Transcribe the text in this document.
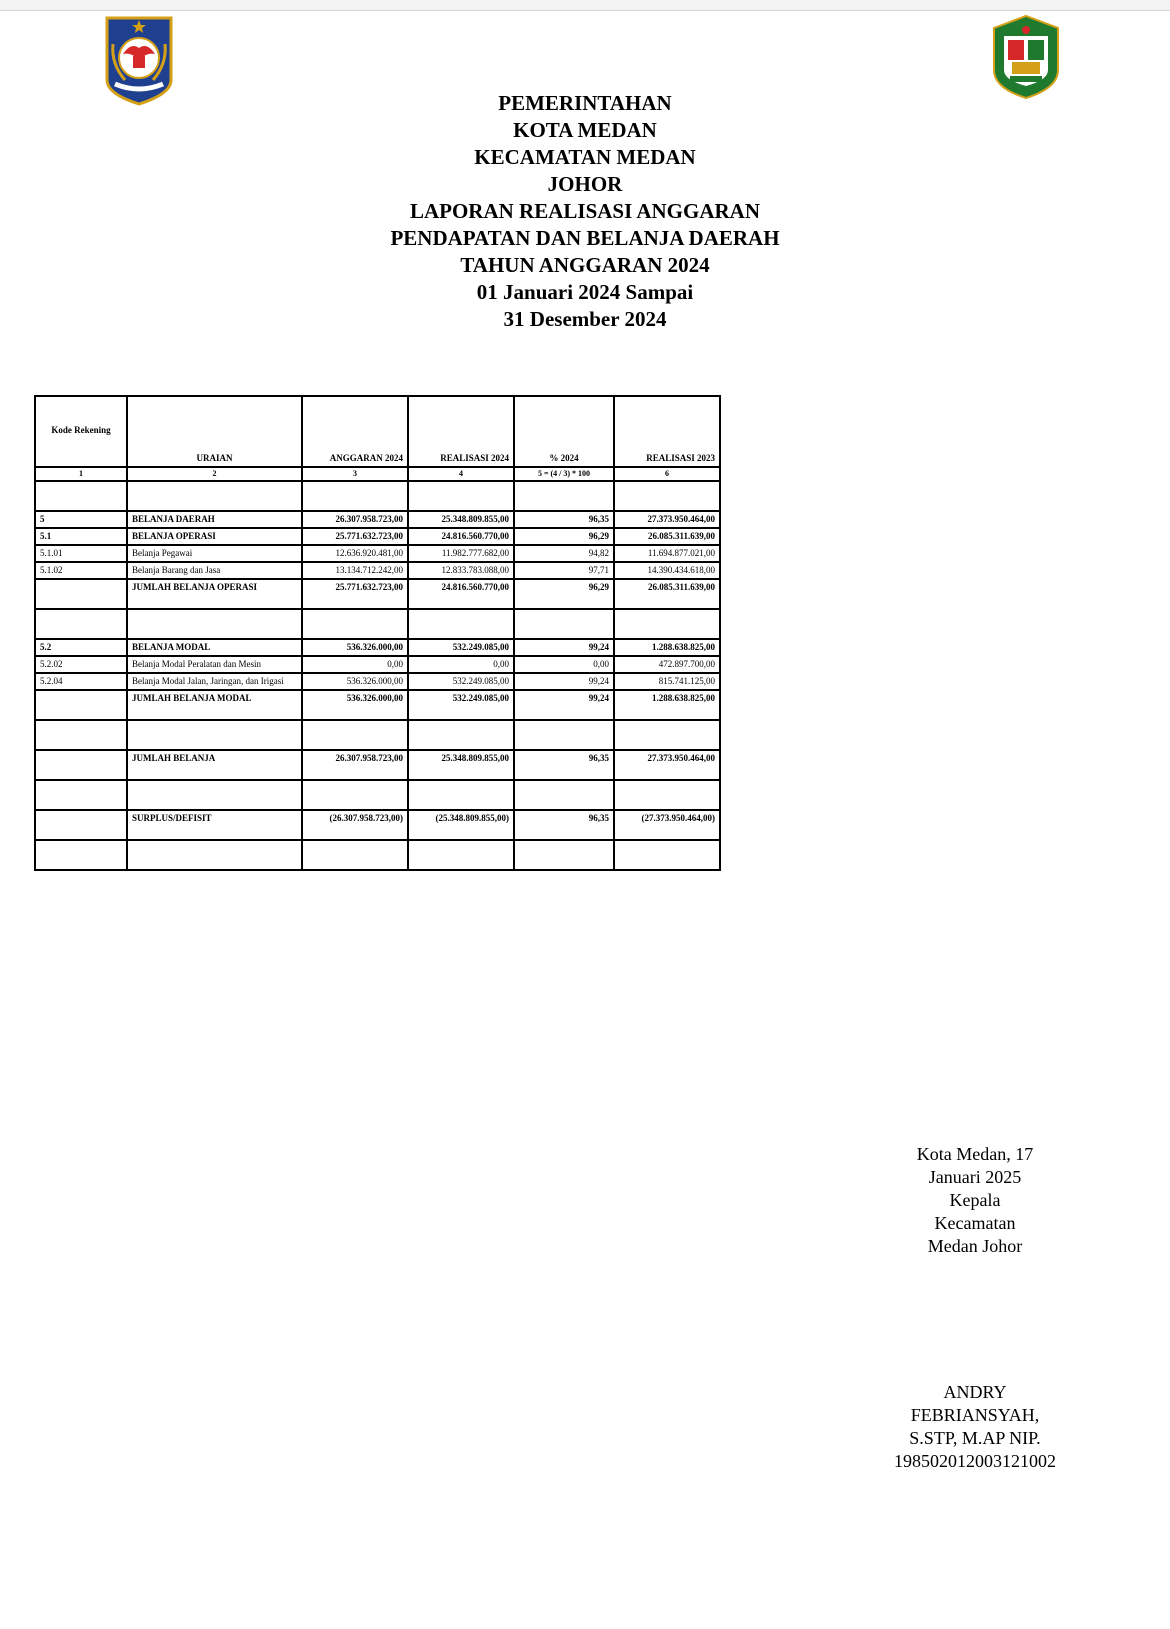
PEMERINTAHAN
KOTA MEDAN
KECAMATAN MEDAN
JOHOR
LAPORAN REALISASI ANGGARAN
PENDAPATAN DAN BELANJA DAERAH
TAHUN ANGGARAN 2024
01 Januari 2024 Sampai
31 Desember 2024
Kode Rekening	URAIAN	ANGGARAN 2024	REALISASI 2024	% 2024	REALISASI 2023
1	2	3	4	5 = (4 / 3) * 100	6

5	BELANJA DAERAH	26.307.958.723,00	25.348.809.855,00	96,35	27.373.950.464,00
5.1	BELANJA OPERASI	25.771.632.723,00	24.816.560.770,00	96,29	26.085.311.639,00
5.1.01	Belanja Pegawai	12.636.920.481,00	11.982.777.682,00	94,82	11.694.877.021,00
5.1.02	Belanja Barang dan Jasa	13.134.712.242,00	12.833.783.088,00	97,71	14.390.434.618,00
	JUMLAH BELANJA OPERASI	25.771.632.723,00	24.816.560.770,00	96,29	26.085.311.639,00

5.2	BELANJA MODAL	536.326.000,00	532.249.085,00	99,24	1.288.638.825,00
5.2.02	Belanja Modal Peralatan dan Mesin	0,00	0,00	0,00	472.897.700,00
5.2.04	Belanja Modal Jalan, Jaringan, dan Irigasi	536.326.000,00	532.249.085,00	99,24	815.741.125,00
	JUMLAH BELANJA MODAL	536.326.000,00	532.249.085,00	99,24	1.288.638.825,00

	JUMLAH BELANJA	26.307.958.723,00	25.348.809.855,00	96,35	27.373.950.464,00

	SURPLUS/DEFISIT	(26.307.958.723,00)	(25.348.809.855,00)	96,35	(27.373.950.464,00)

Kota Medan, 17
Januari 2025
Kepala
Kecamatan
Medan Johor
ANDRY
FEBRIANSYAH,
S.STP, M.AP NIP.
198502012003121002
